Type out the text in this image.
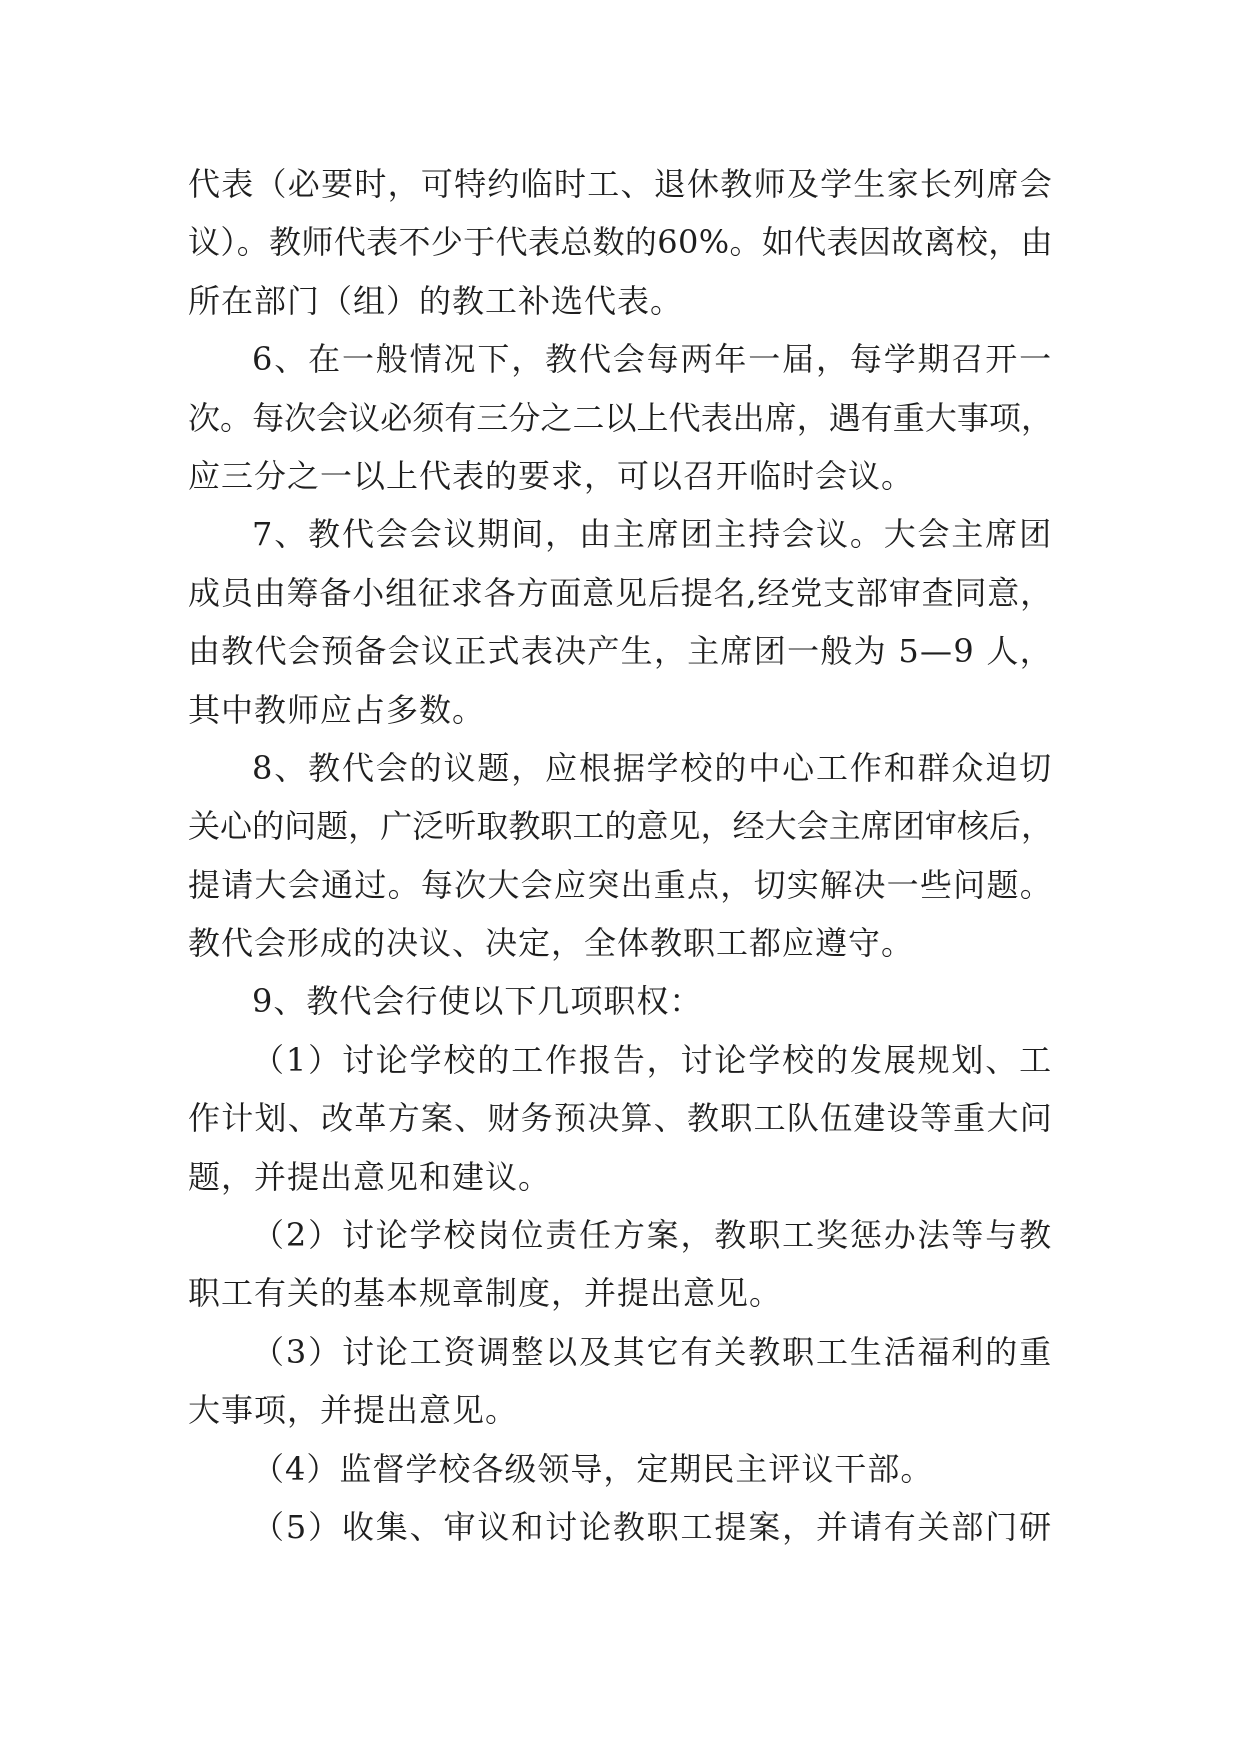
代表（必要时，可特约临时工、退休教师及学生家长列席会
议）。教师代表不少于代表总数的60%。如代表因故离校，由
所在部门（组）的教工补选代表。
6、在一般情况下，教代会每两年一届，每学期召开一
次。每次会议必须有三分之二以上代表出席，遇有重大事项，
应三分之一以上代表的要求，可以召开临时会议。
7、教代会会议期间，由主席团主持会议。大会主席团
成员由筹备小组征求各方面意见后提名,经党支部审查同意，
由教代会预备会议正式表决产生，主席团一般为 5—9 人，
其中教师应占多数。
8、教代会的议题，应根据学校的中心工作和群众迫切
关心的问题，广泛听取教职工的意见，经大会主席团审核后，
提请大会通过。每次大会应突出重点，切实解决一些问题。
教代会形成的决议、决定，全体教职工都应遵守。
9、教代会行使以下几项职权：
（1）讨论学校的工作报告，讨论学校的发展规划、工
作计划、改革方案、财务预决算、教职工队伍建设等重大问
题，并提出意见和建议。
（2）讨论学校岗位责任方案，教职工奖惩办法等与教
职工有关的基本规章制度，并提出意见。
（3）讨论工资调整以及其它有关教职工生活福利的重
大事项，并提出意见。
（4）监督学校各级领导，定期民主评议干部。
（5）收集、审议和讨论教职工提案，并请有关部门研
